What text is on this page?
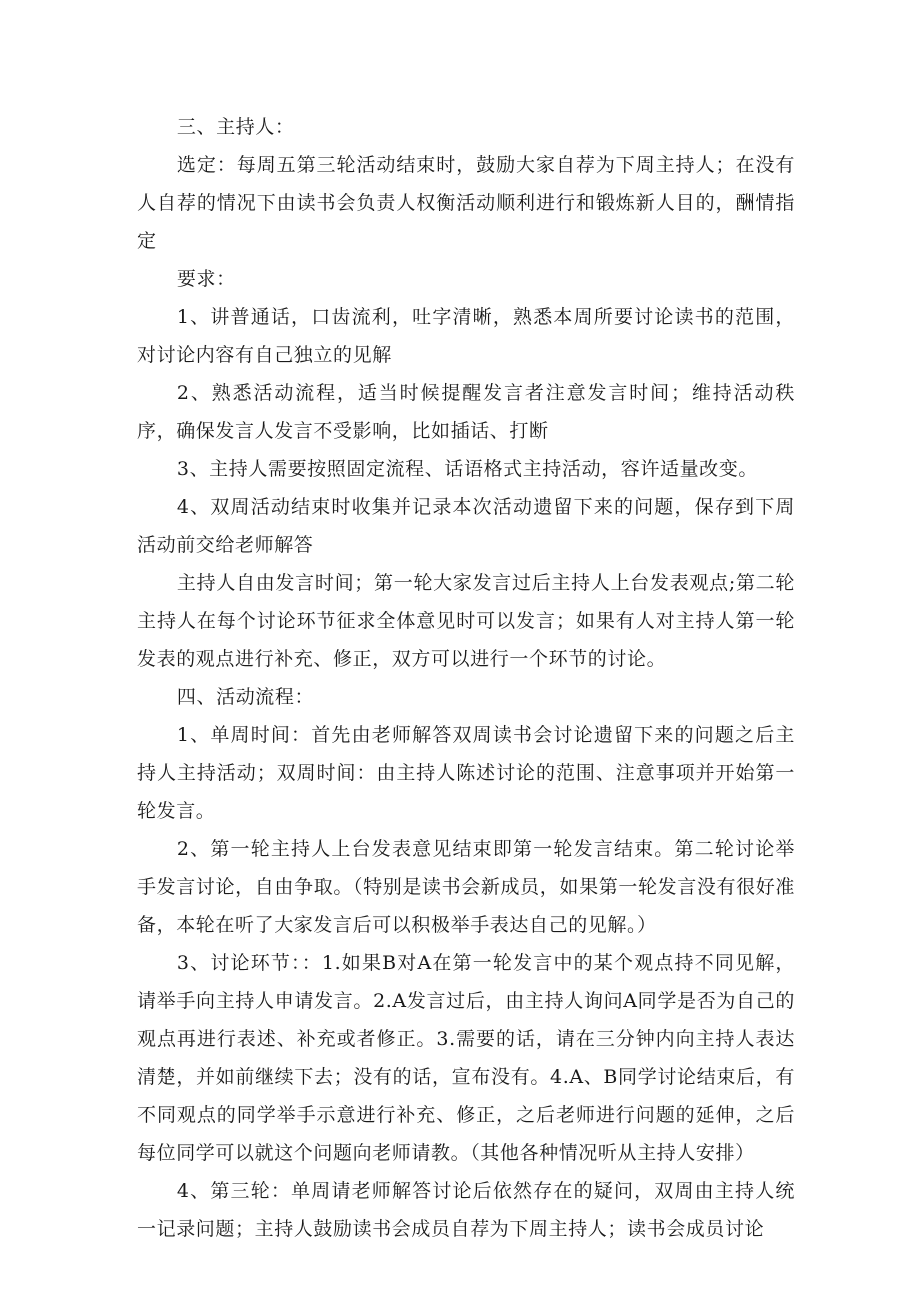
三、主持人：

选定：每周五第三轮活动结束时，鼓励大家自荐为下周主持人；在没有人自荐的情况下由读书会负责人权衡活动顺利进行和锻炼新人目的，酬情指定

要求：

1、讲普通话，口齿流利，吐字清晰，熟悉本周所要讨论读书的范围，对讨论内容有自己独立的见解

2、熟悉活动流程，适当时候提醒发言者注意发言时间；维持活动秩序，确保发言人发言不受影响，比如插话、打断

3、主持人需要按照固定流程、话语格式主持活动，容许适量改变。

4、双周活动结束时收集并记录本次活动遗留下来的问题，保存到下周活动前交给老师解答

主持人自由发言时间；第一轮大家发言过后主持人上台发表观点;第二轮主持人在每个讨论环节征求全体意见时可以发言；如果有人对主持人第一轮发表的观点进行补充、修正，双方可以进行一个环节的讨论。

四、活动流程：

1、单周时间：首先由老师解答双周读书会讨论遗留下来的问题之后主持人主持活动；双周时间：由主持人陈述讨论的范围、注意事项并开始第一轮发言。

2、第一轮主持人上台发表意见结束即第一轮发言结束。第二轮讨论举手发言讨论，自由争取。（特别是读书会新成员，如果第一轮发言没有很好准备，本轮在听了大家发言后可以积极举手表达自己的见解。）

3、讨论环节：：1.如果B对A在第一轮发言中的某个观点持不同见解，请举手向主持人申请发言。2.A发言过后，由主持人询问A同学是否为自己的观点再进行表述、补充或者修正。3.需要的话，请在三分钟内向主持人表达清楚，并如前继续下去；没有的话，宣布没有。4.A、B同学讨论结束后，有不同观点的同学举手示意进行补充、修正，之后老师进行问题的延伸，之后每位同学可以就这个问题向老师请教。（其他各种情况听从主持人安排）

4、第三轮：单周请老师解答讨论后依然存在的疑问，双周由主持人统一记录问题；主持人鼓励读书会成员自荐为下周主持人；读书会成员讨论
